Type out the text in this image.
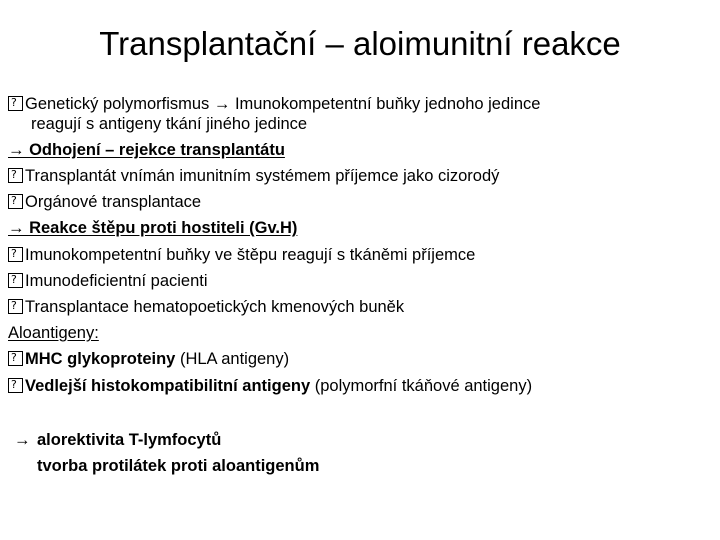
Transplantační – aloimunitní reakce
?Genetický polymorfismus → Imunokompetentní buňky jednoho jedince
reagují s antigeny tkání jiného jedince
→ Odhojení – rejekce transplantátu
?Transplantát vnímán imunitním systémem příjemce jako cizorodý
?Orgánové transplantace
→ Reakce štěpu proti hostiteli (Gv.H)
?Imunokompetentní buňky ve štěpu reagují s tkáněmi příjemce
?Imunodeficientní pacienti
?Transplantace hematopoetických kmenových buněk
Aloantigeny:
?MHC glykoproteiny (HLA antigeny)
?Vedlejší histokompatibilitní antigeny (polymorfní tkáňové antigeny)
→ alorektivita T-lymfocytů
tvorba protilátek proti aloantigenům
